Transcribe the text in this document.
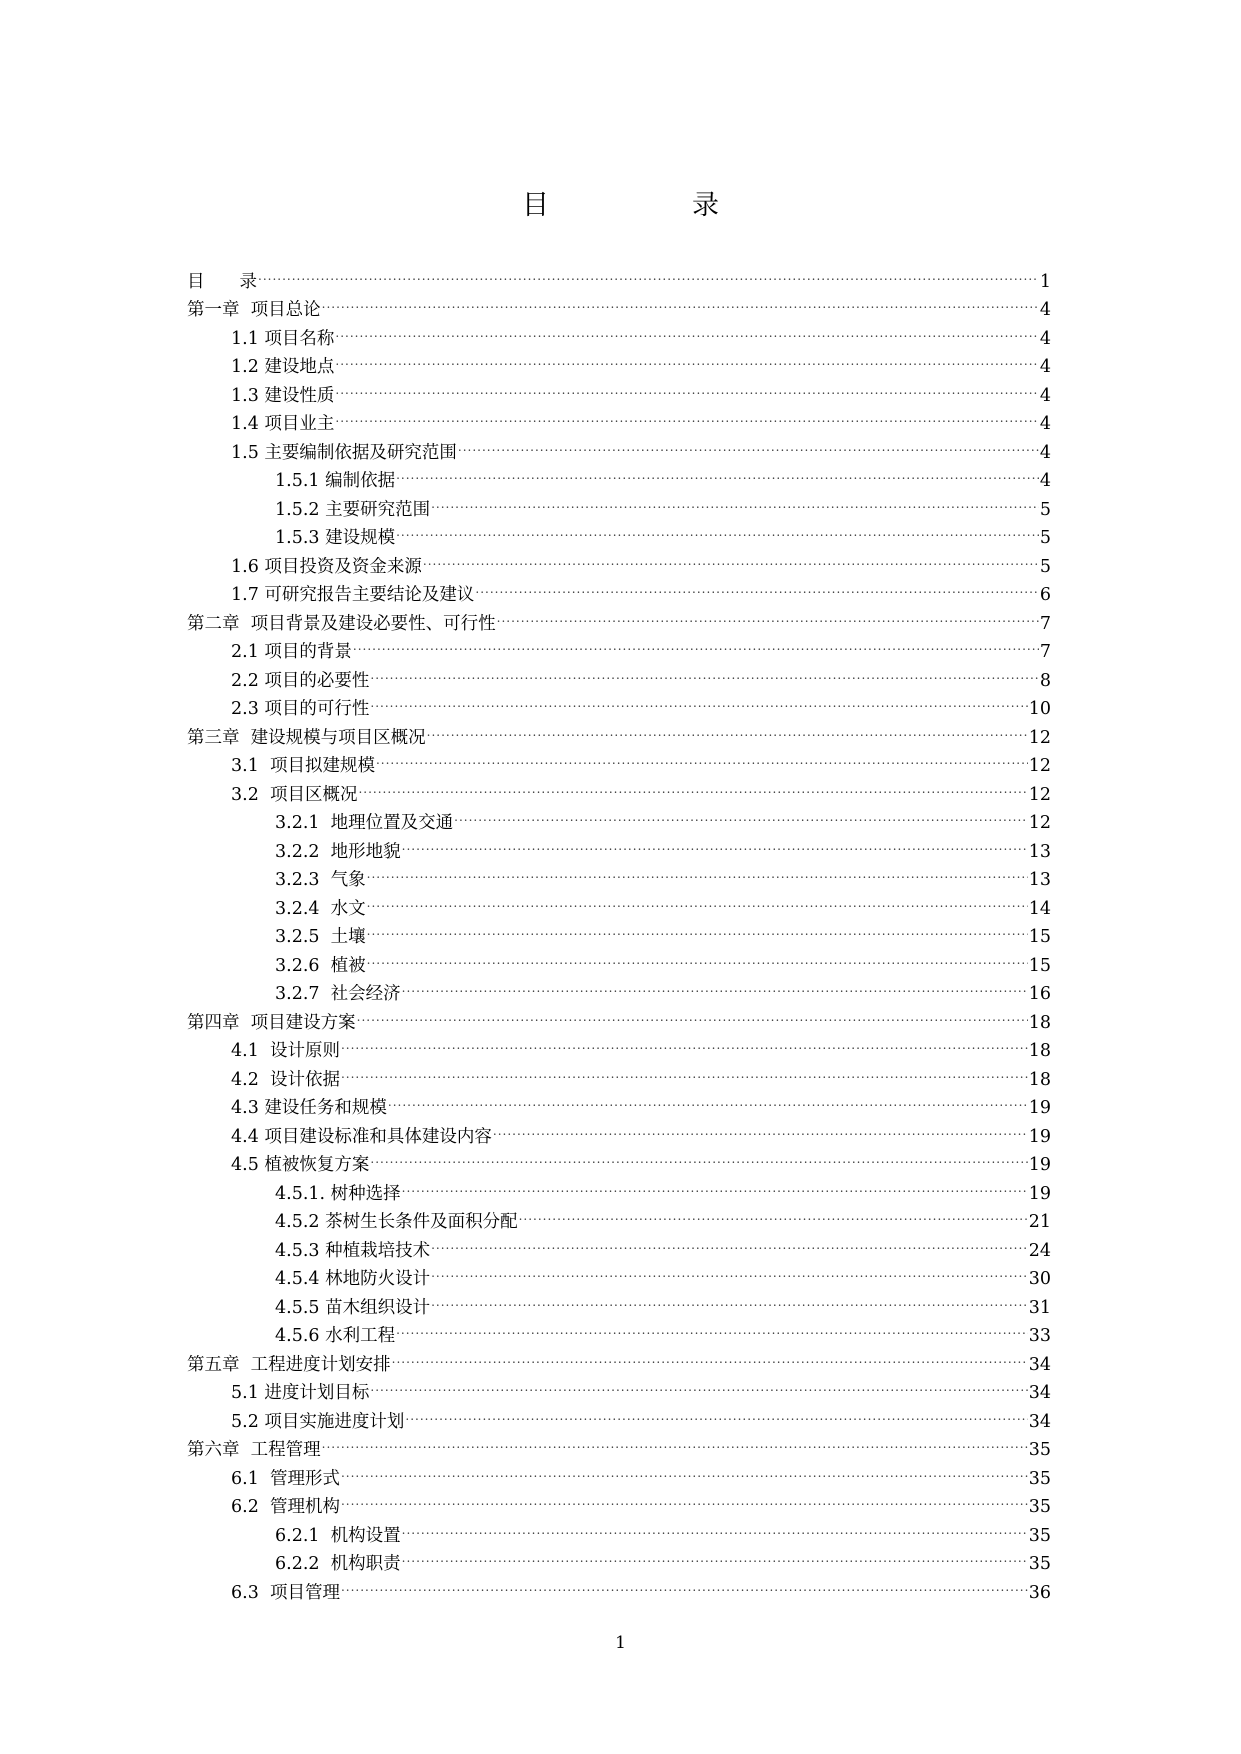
目　录
目　　录 .....	1
第一章  项目总论 .....	4
1.1 项目名称 .....	4
1.2 建设地点 .....	4
1.3 建设性质 .....	4
1.4 项目业主 .....	4
1.5 主要编制依据及研究范围 .....	4
1.5.1 编制依据 .....	4
1.5.2 主要研究范围 .....	5
1.5.3 建设规模 .....	5
1.6 项目投资及资金来源 .....	5
1.7 可研究报告主要结论及建议 .....	6
第二章  项目背景及建设必要性、可行性 .....	7
2.1 项目的背景 .....	7
2.2 项目的必要性 .....	8
2.3 项目的可行性 .....	10
第三章  建设规模与项目区概况 .....	12
3.1  项目拟建规模 .....	12
3.2  项目区概况 .....	12
3.2.1  地理位置及交通 .....	12
3.2.2  地形地貌 .....	13
3.2.3  气象 .....	13
3.2.4  水文 .....	14
3.2.5  土壤 .....	15
3.2.6  植被 .....	15
3.2.7  社会经济 .....	16
第四章  项目建设方案 .....	18
4.1  设计原则 .....	18
4.2  设计依据 .....	18
4.3 建设任务和规模 .....	19
4.4 项目建设标准和具体建设内容 .....	19
4.5 植被恢复方案 .....	19
4.5.1. 树种选择 .....	19
4.5.2 茶树生长条件及面积分配 .....	21
4.5.3 种植栽培技术 .....	24
4.5.4 林地防火设计 .....	30
4.5.5 苗木组织设计 .....	31
4.5.6 水利工程 .....	33
第五章  工程进度计划安排 .....	34
5.1 进度计划目标 .....	34
5.2 项目实施进度计划 .....	34
第六章  工程管理 .....	35
6.1  管理形式 .....	35
6.2  管理机构 .....	35
6.2.1  机构设置 .....	35
6.2.2  机构职责 .....	35
6.3  项目管理 .....	36
1
